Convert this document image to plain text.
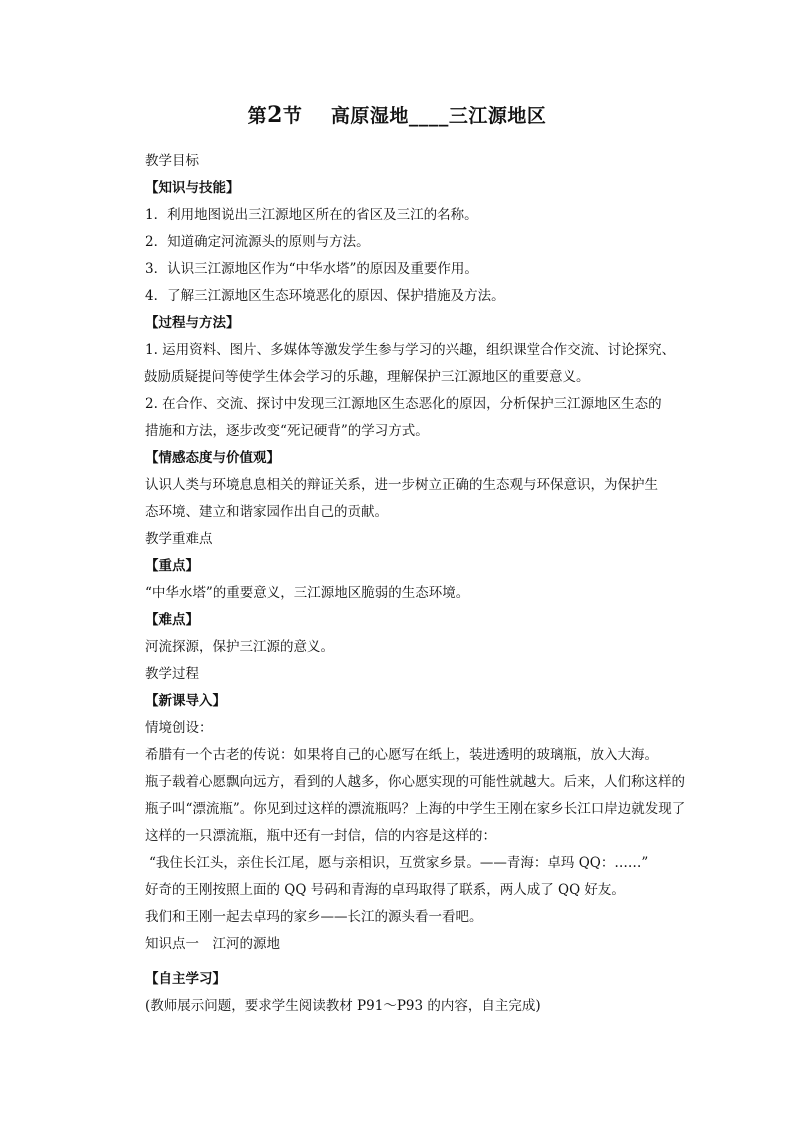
第2节 高原湿地____三江源地区
教学目标
【知识与技能】
1．利用地图说出三江源地区所在的省区及三江的名称。
2．知道确定河流源头的原则与方法。
3．认识三江源地区作为“中华水塔”的原因及重要作用。
4．了解三江源地区生态环境恶化的原因、保护措施及方法。
【过程与方法】
1. 运用资料、图片、多媒体等激发学生参与学习的兴趣，组织课堂合作交流、讨论探究、
鼓励质疑提问等使学生体会学习的乐趣，理解保护三江源地区的重要意义。
2. 在合作、交流、探讨中发现三江源地区生态恶化的原因，分析保护三江源地区生态的
措施和方法，逐步改变“死记硬背”的学习方式。
【情感态度与价值观】
认识人类与环境息息相关的辩证关系，进一步树立正确的生态观与环保意识，为保护生
态环境、建立和谐家园作出自己的贡献。
教学重难点
【重点】
“中华水塔”的重要意义，三江源地区脆弱的生态环境。
【难点】
河流探源，保护三江源的意义。
教学过程
【新课导入】
情境创设：
希腊有一个古老的传说：如果将自己的心愿写在纸上，装进透明的玻璃瓶，放入大海。
瓶子载着心愿飘向远方，看到的人越多，你心愿实现的可能性就越大。后来，人们称这样的
瓶子叫“漂流瓶”。你见到过这样的漂流瓶吗？上海的中学生王刚在家乡长江口岸边就发现了
这样的一只漂流瓶，瓶中还有一封信，信的内容是这样的：
“我住长江头，亲住长江尾，愿与亲相识，互赏家乡景。——青海：卓玛 QQ：……”
好奇的王刚按照上面的 QQ 号码和青海的卓玛取得了联系，两人成了 QQ 好友。
我们和王刚一起去卓玛的家乡——长江的源头看一看吧。
知识点一　江河的源地
【自主学习】
(教师展示问题，要求学生阅读教材 P91～P93 的内容，自主完成)
